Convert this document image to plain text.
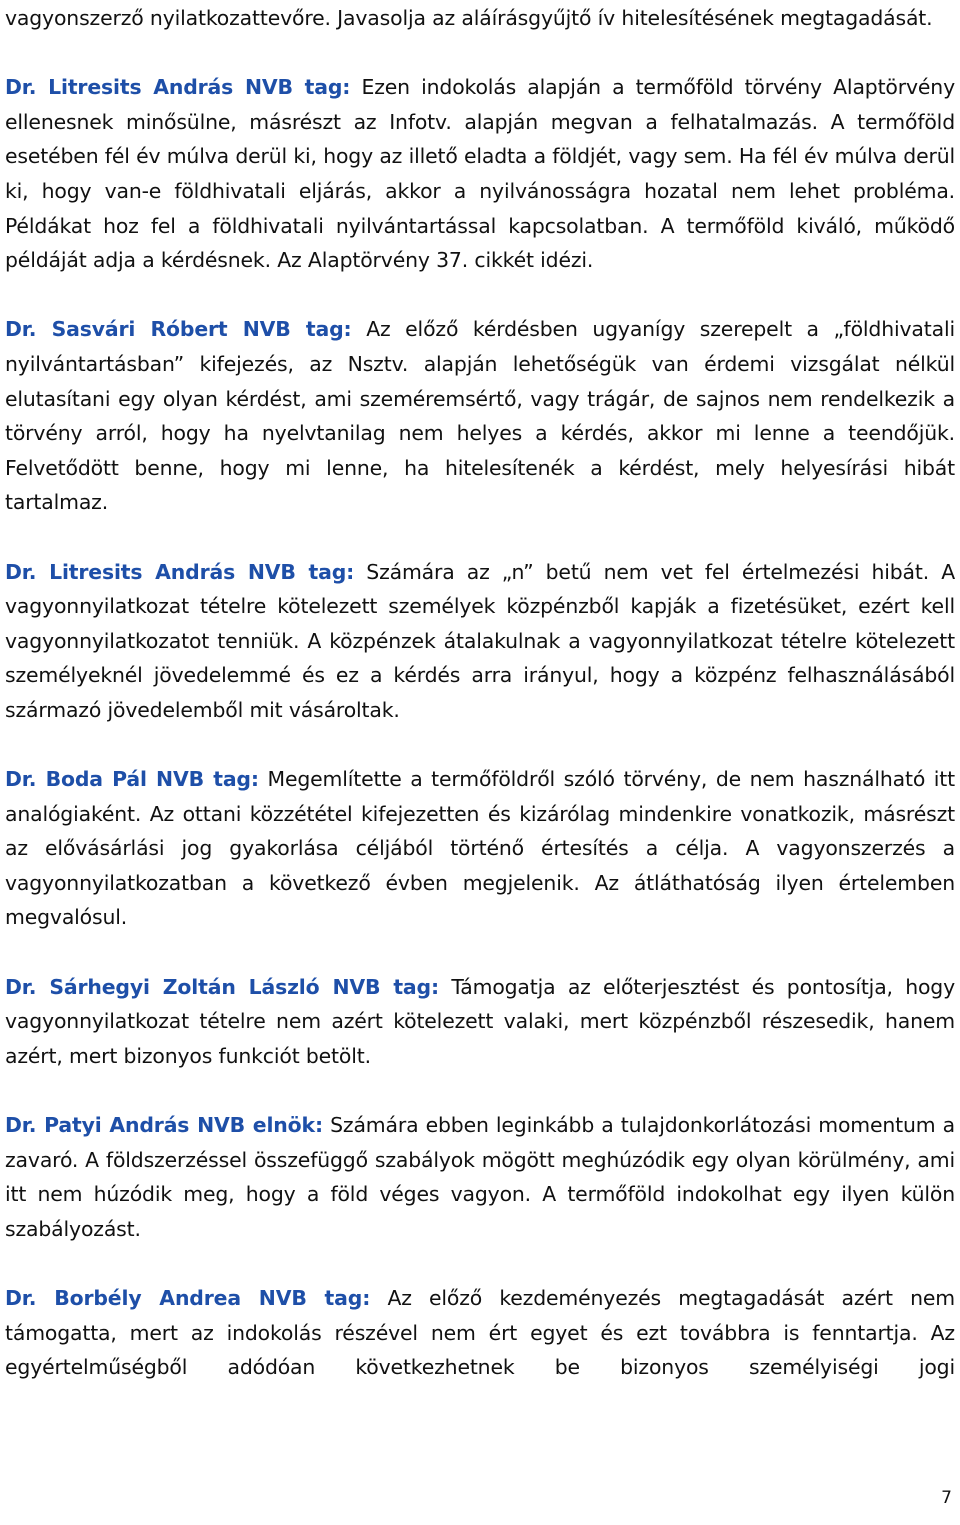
vagyonszerző nyilatkozattevőre. Javasolja az aláírásgyűjtő ív hitelesítésének megtagadását.

Dr. Litresits András NVB tag: Ezen indokolás alapján a termőföld törvény Alaptörvény ellenesnek minősülne, másrészt az Infotv. alapján megvan a felhatalmazás. A termőföld esetében fél év múlva derül ki, hogy az illető eladta a földjét, vagy sem. Ha fél év múlva derül ki, hogy van-e földhivatali eljárás, akkor a nyilvánosságra hozatal nem lehet probléma. Példákat hoz fel a földhivatali nyilvántartással kapcsolatban. A termőföld kiváló, működő példáját adja a kérdésnek. Az Alaptörvény 37. cikkét idézi.

Dr. Sasvári Róbert NVB tag: Az előző kérdésben ugyanígy szerepelt a „földhivatali nyilvántartásban” kifejezés, az Nsztv. alapján lehetőségük van érdemi vizsgálat nélkül elutasítani egy olyan kérdést, ami szeméremsértő, vagy trágár, de sajnos nem rendelkezik a törvény arról, hogy ha nyelvtanilag nem helyes a kérdés, akkor mi lenne a teendőjük. Felvetődött benne, hogy mi lenne, ha hitelesítenék a kérdést, mely helyesírási hibát tartalmaz.

Dr. Litresits András NVB tag: Számára az „n” betű nem vet fel értelmezési hibát. A vagyonnyilatkozat tételre kötelezett személyek közpénzből kapják a fizetésüket, ezért kell vagyonnyilatkozatot tenniük. A közpénzek átalakulnak a vagyonnyilatkozat tételre kötelezett személyeknél jövedelemmé és ez a kérdés arra irányul, hogy a közpénz felhasználásából származó jövedelemből mit vásároltak.

Dr. Boda Pál NVB tag: Megemlítette a termőföldről szóló törvény, de nem használható itt analógiaként. Az ottani közzététel kifejezetten és kizárólag mindenkire vonatkozik, másrészt az elővásárlási jog gyakorlása céljából történő értesítés a célja. A vagyonszerzés a vagyonnyilatkozatban a következő évben megjelenik. Az átláthatóság ilyen értelemben megvalósul.

Dr. Sárhegyi Zoltán László NVB tag: Támogatja az előterjesztést és pontosítja, hogy vagyonnyilatkozat tételre nem azért kötelezett valaki, mert közpénzből részesedik, hanem azért, mert bizonyos funkciót betölt.

Dr. Patyi András NVB elnök: Számára ebben leginkább a tulajdonkorlátozási momentum a zavaró. A földszerzéssel összefüggő szabályok mögött meghúzódik egy olyan körülmény, ami itt nem húzódik meg, hogy a föld véges vagyon. A termőföld indokolhat egy ilyen külön szabályozást.

Dr. Borbély Andrea NVB tag: Az előző kezdeményezés megtagadását azért nem támogatta, mert az indokolás részével nem ért egyet és ezt továbbra is fenntartja. Az egyértelműségből adódóan következhetnek be bizonyos személyiségi jogi

7
